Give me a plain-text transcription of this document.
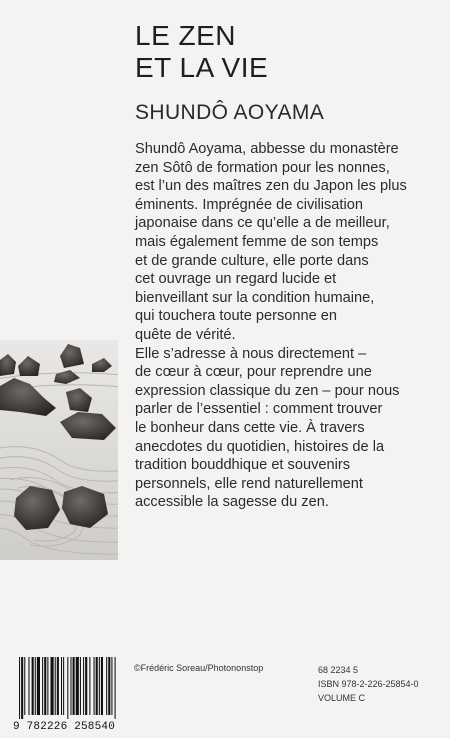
LE ZEN
ET LA VIE
SHUNDÔ AOYAMA
Shundô Aoyama, abbesse du monastère
zen Sôtô de formation pour les nonnes,
est l’un des maîtres zen du Japon les plus
éminents. Imprégnée de civilisation
japonaise dans ce qu’elle a de meilleur,
mais également femme de son temps
et de grande culture, elle porte dans
cet ouvrage un regard lucide et
bienveillant sur la condition humaine,
qui touchera toute personne en
quête de vérité.
Elle s’adresse à nous directement –
de cœur à cœur, pour reprendre une
expression classique du zen – pour nous
parler de l’essentiel : comment trouver
le bonheur dans cette vie. À travers
anecdotes du quotidien, histoires de la
tradition bouddhique et souvenirs
personnels, elle rend naturellement
accessible la sagesse du zen.
©Frédéric Soreau/Photononstop	68 2234 5
ISBN 978-2-226-25854-0
VOLUME C
9 782226 258540
